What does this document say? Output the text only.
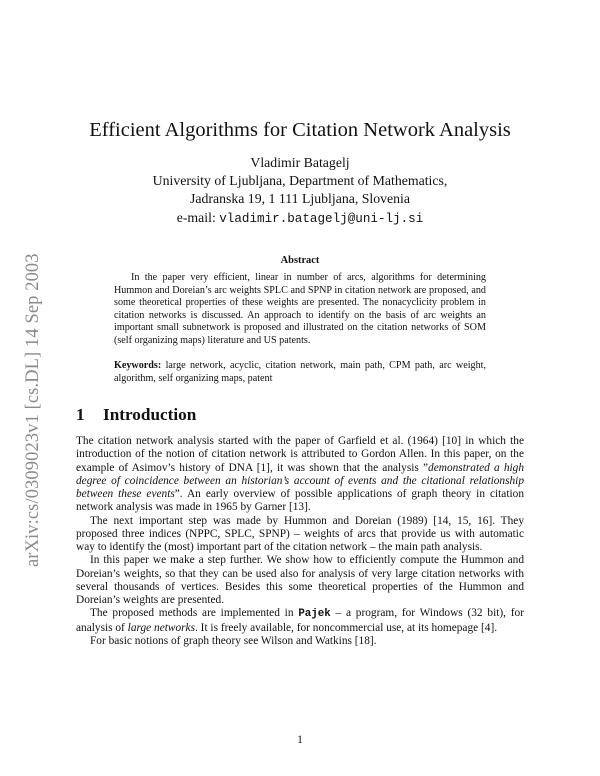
arXiv:cs/0309023v1 [cs.DL] 14 Sep 2003
Efficient Algorithms for Citation Network Analysis
Vladimir Batagelj
University of Ljubljana, Department of Mathematics,
Jadranska 19, 1 111 Ljubljana, Slovenia
e-mail: vladimir.batagelj@uni-lj.si
Abstract

In the paper very efficient, linear in number of arcs, algorithms for determining Hummon and Doreian’s arc weights SPLC and SPNP in citation network are proposed, and some theoretical properties of these weights are presented. The nonacyclicity problem in citation networks is discussed. An approach to identify on the basis of arc weights an important small subnetwork is proposed and illustrated on the citation networks of SOM (self organizing maps) literature and US patents.

Keywords: large network, acyclic, citation network, main path, CPM path, arc weight, algorithm, self organizing maps, patent

1 Introduction

The citation network analysis started with the paper of Garfield et al. (1964) [10] in which the introduction of the notion of citation network is attributed to Gordon Allen. In this paper, on the example of Asimov’s history of DNA [1], it was shown that the analysis ”demonstrated a high degree of coincidence between an historian’s account of events and the citational relationship between these events”. An early overview of possible applications of graph theory in citation network analysis was made in 1965 by Garner [13].

The next important step was made by Hummon and Doreian (1989) [14, 15, 16]. They proposed three indices (NPPC, SPLC, SPNP) – weights of arcs that provide us with automatic way to identify the (most) important part of the citation network – the main path analysis.

In this paper we make a step further. We show how to efficiently compute the Hummon and Doreian’s weights, so that they can be used also for analysis of very large citation networks with several thousands of vertices. Besides this some theoretical properties of the Hummon and Doreian’s weights are presented.

The proposed methods are implemented in Pajek – a program, for Windows (32 bit), for analysis of large networks. It is freely available, for noncommercial use, at its homepage [4].

For basic notions of graph theory see Wilson and Watkins [18].

1
